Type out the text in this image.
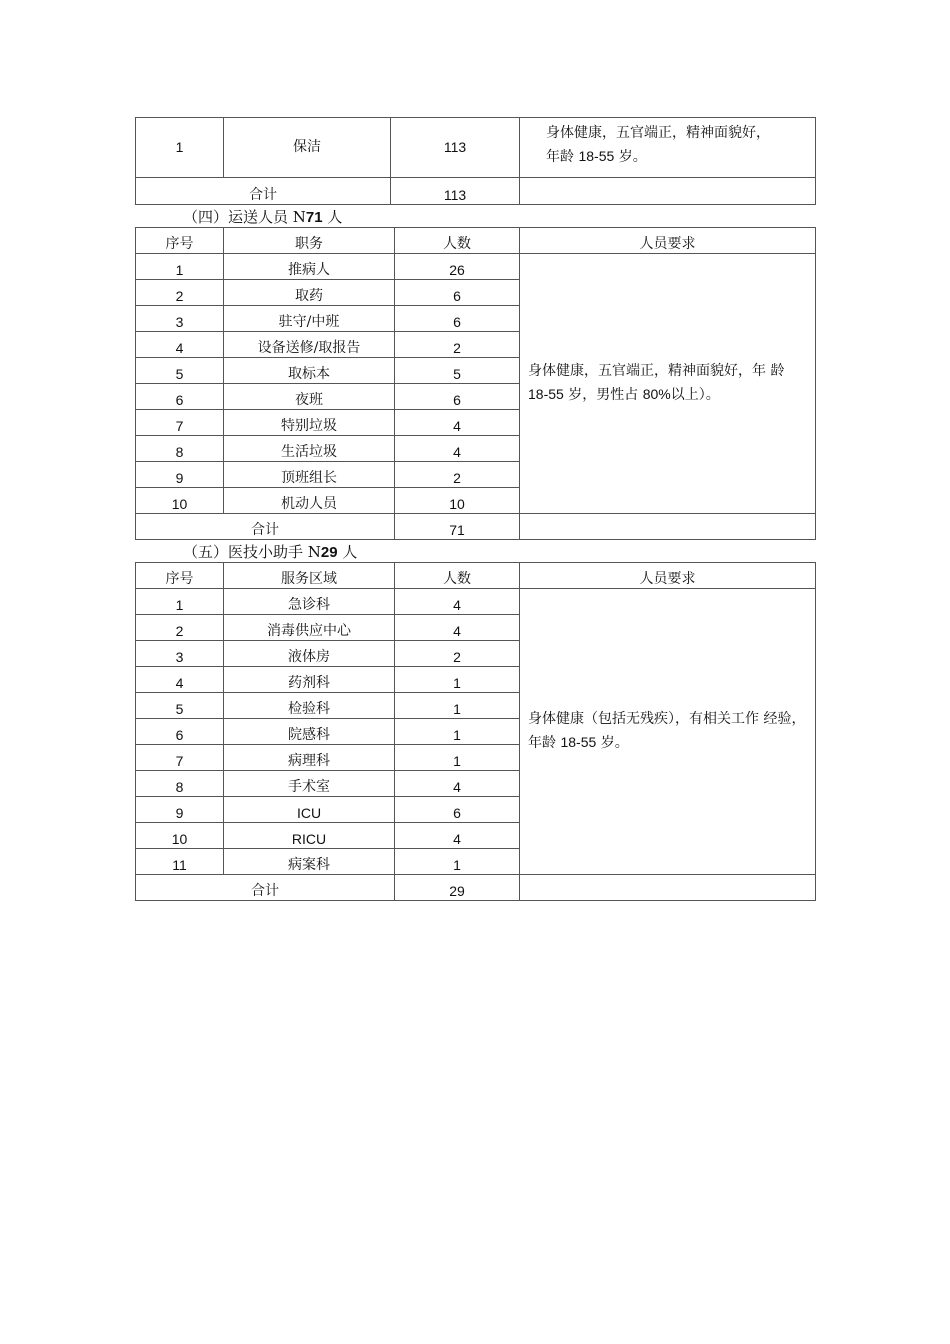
1	保洁	113	身体健康，五官端正，精神面貌好，
年龄 18-55 岁。
合计		113	
（四）运送人员 N71 人
序号	职务	人数	人员要求
1	推病人	26	身体健康，五官端正，精神面貌好，年 龄 18-55 岁，男性占 80%以上）。
2	取药	6	
3	驻守/中班	6	
4	设备送修/取报告	2	
5	取标本	5	
6	夜班	6	
7	特别垃圾	4	
8	生活垃圾	4	
9	顶班组长	2	
10	机动人员	10	
合计		71	
（五）医技小助手 N29 人
序号	服务区域	人数	人员要求
1	急诊科	4	身体健康（包括无残疾），有相关工作 经验，年龄 18-55 岁。
2	消毒供应中心	4	
3	液体房	2	
4	药剂科	1	
5	检验科	1	
6	院感科	1	
7	病理科	1	
8	手术室	4	
9	ICU	6	
10	RICU	4	
11	病案科	1	
合计		29	
